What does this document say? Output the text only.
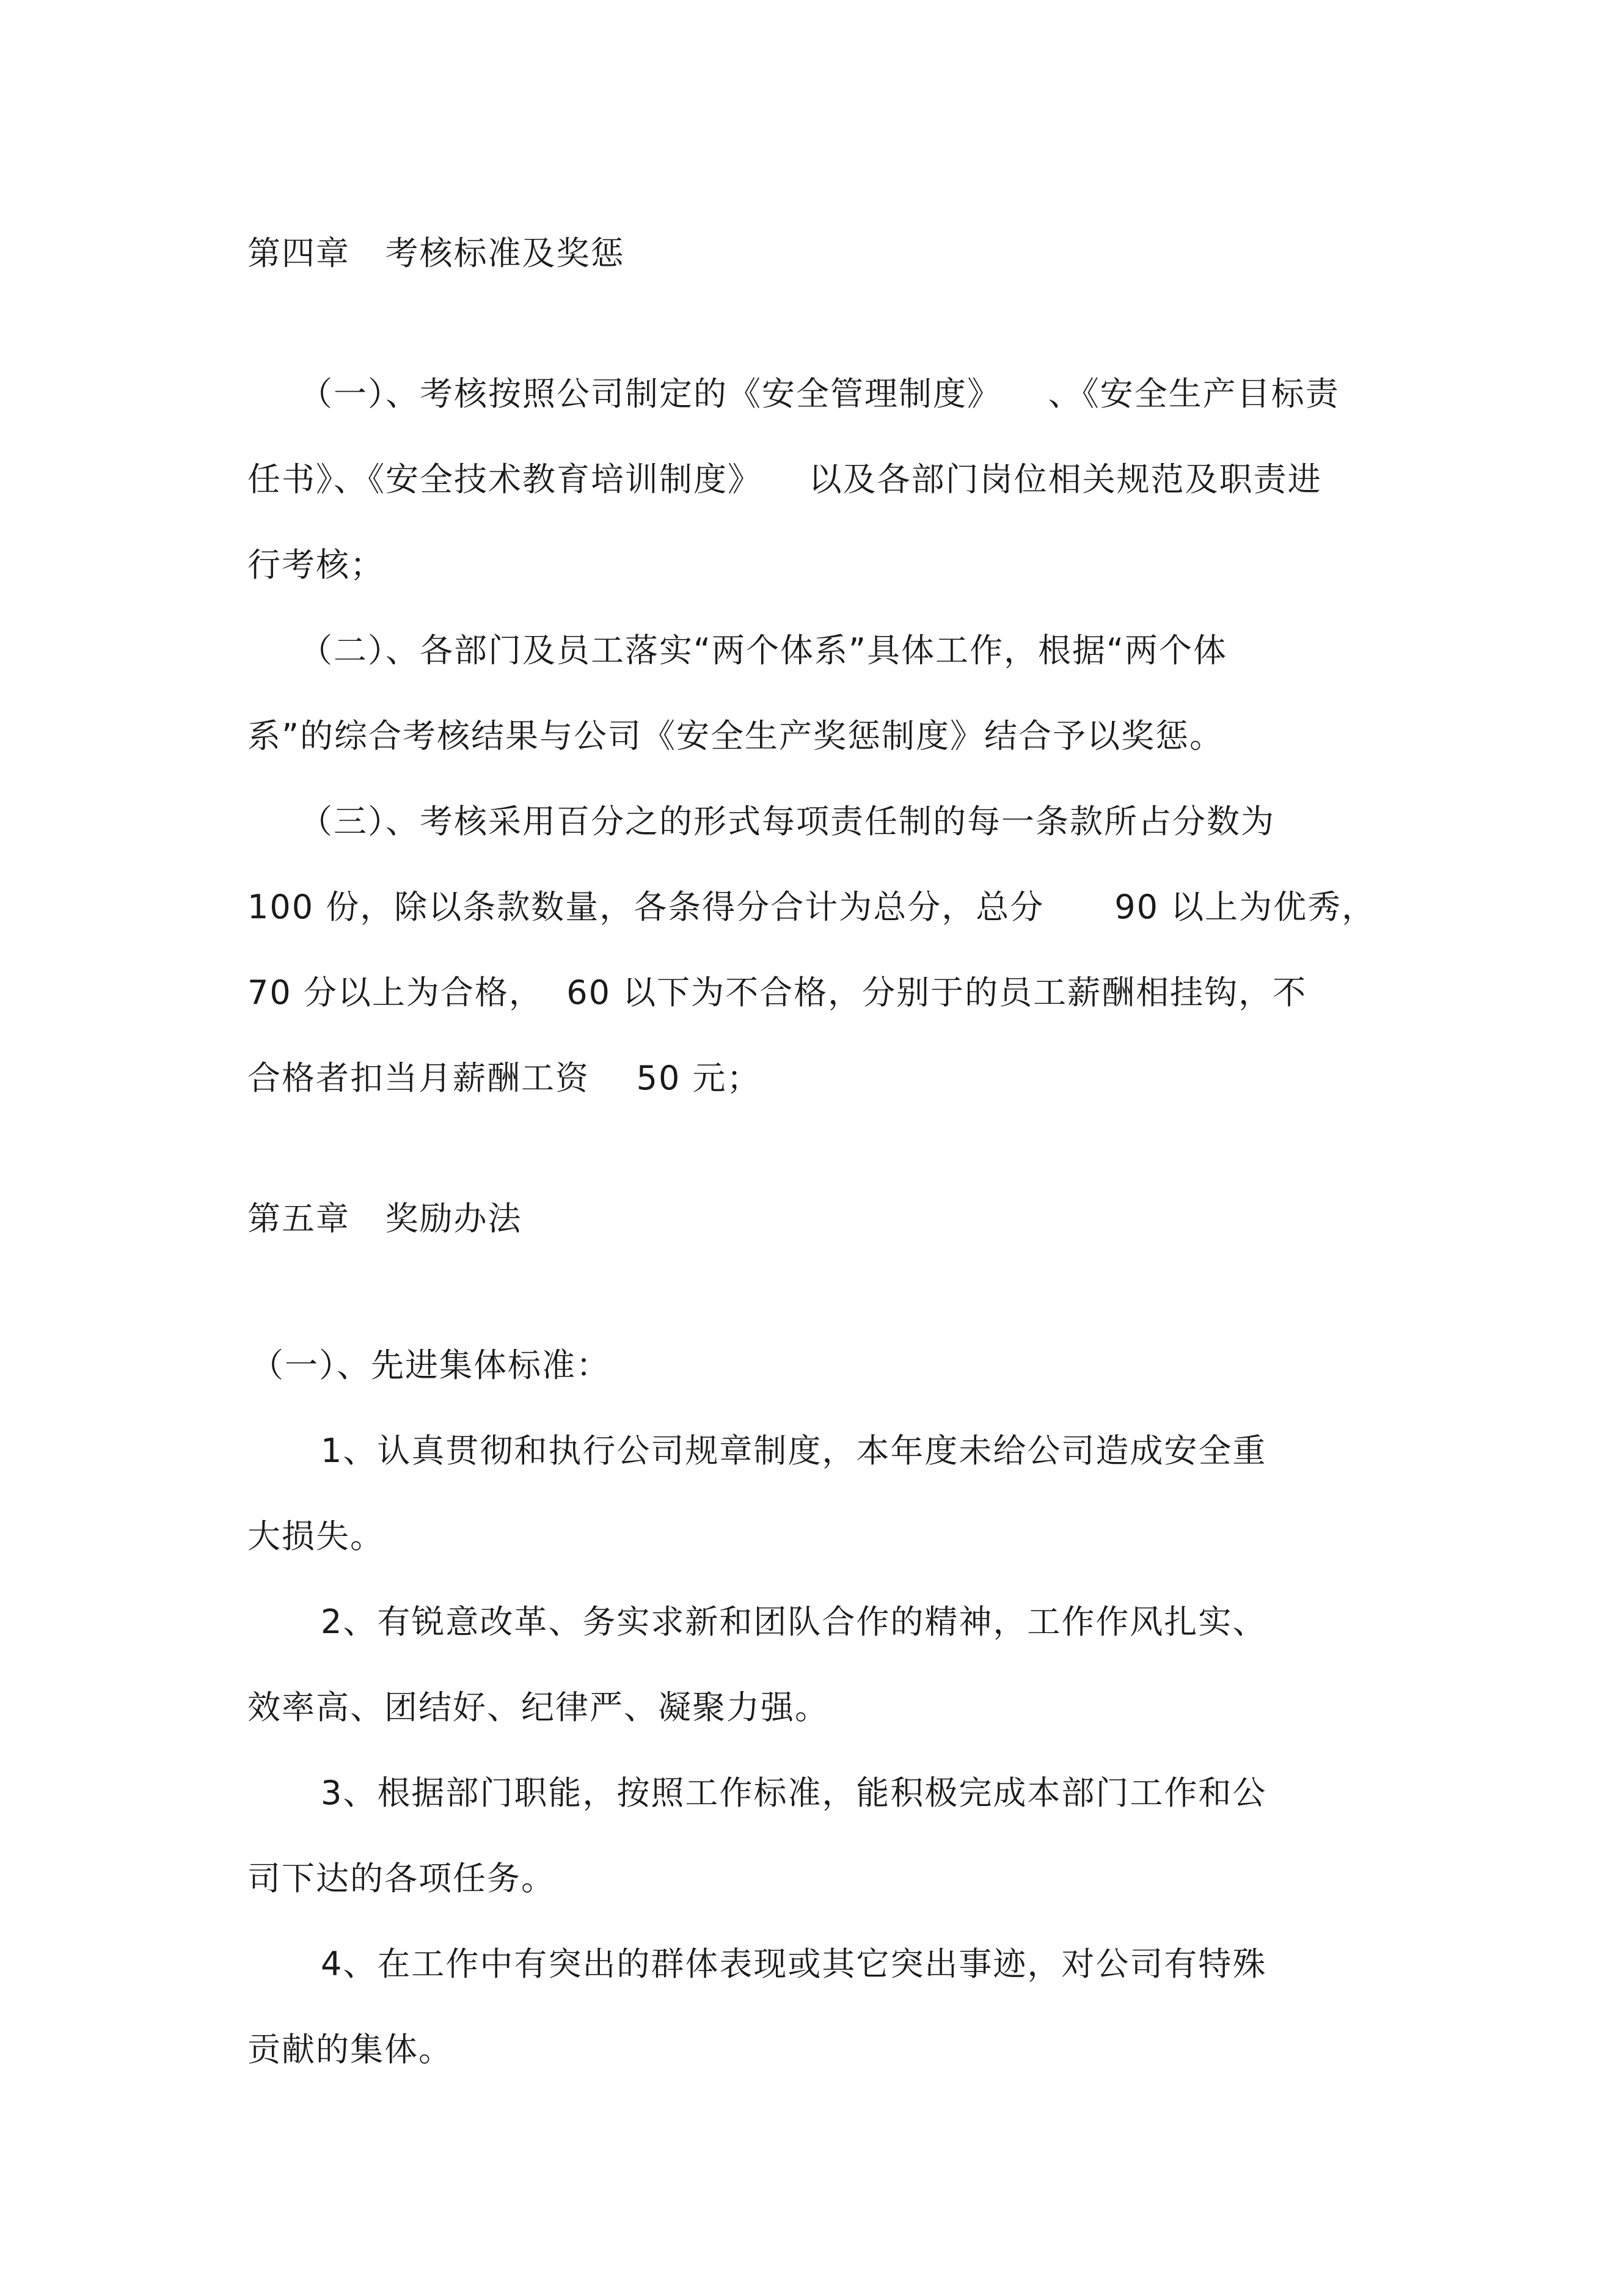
第四章   考核标准及奖惩
（一）、考核按照公司制定的《安全管理制度》    、《安全生产目标责
任书》、《安全技术教育培训制度》    以及各部门岗位相关规范及职责进
行考核；
（二）、各部门及员工落实“两个体系”具体工作，根据“两个体
系”的综合考核结果与公司《安全生产奖惩制度》结合予以奖惩。
（三）、考核采用百分之的形式每项责任制的每一条款所占分数为
100 份，除以条款数量，各条得分合计为总分，总分      90 以上为优秀，
70 分以上为合格，  60 以下为不合格，分别于的员工薪酬相挂钩，不
合格者扣当月薪酬工资    50 元；
第五章   奖励办法
（一）、先进集体标准：
1、认真贯彻和执行公司规章制度，本年度未给公司造成安全重
大损失。
2、有锐意改革、务实求新和团队合作的精神，工作作风扎实、
效率高、团结好、纪律严、凝聚力强。
3、根据部门职能，按照工作标准，能积极完成本部门工作和公
司下达的各项任务。
4、在工作中有突出的群体表现或其它突出事迹，对公司有特殊
贡献的集体。
